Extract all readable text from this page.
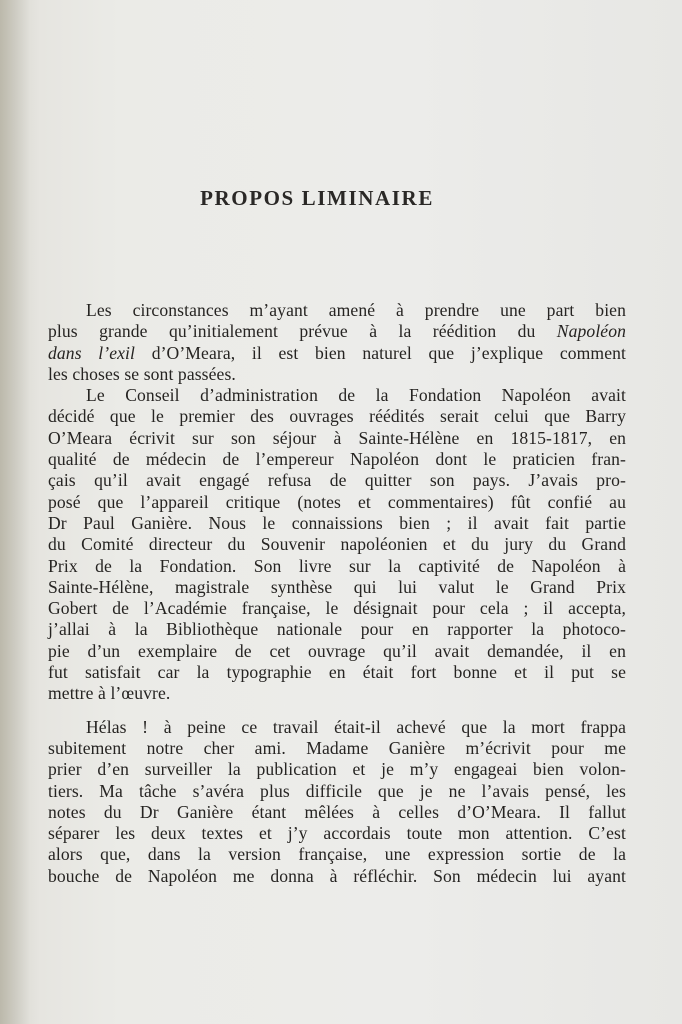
PROPOS LIMINAIRE
Les circonstances m’ayant amené à prendre une part bien
plus grande qu’initialement prévue à la réédition du Napoléon
dans l’exil d’O’Meara, il est bien naturel que j’explique comment
les choses se sont passées.
Le Conseil d’administration de la Fondation Napoléon avait
décidé que le premier des ouvrages réédités serait celui que Barry
O’Meara écrivit sur son séjour à Sainte-Hélène en 1815-1817, en
qualité de médecin de l’empereur Napoléon dont le praticien fran-
çais qu’il avait engagé refusa de quitter son pays. J’avais pro-
posé que l’appareil critique (notes et commentaires) fût confié au
Dr Paul Ganière. Nous le connaissions bien ; il avait fait partie
du Comité directeur du Souvenir napoléonien et du jury du Grand
Prix de la Fondation. Son livre sur la captivité de Napoléon à
Sainte-Hélène, magistrale synthèse qui lui valut le Grand Prix
Gobert de l’Académie française, le désignait pour cela ; il accepta,
j’allai à la Bibliothèque nationale pour en rapporter la photoco-
pie d’un exemplaire de cet ouvrage qu’il avait demandée, il en
fut satisfait car la typographie en était fort bonne et il put se
mettre à l’œuvre.
Hélas ! à peine ce travail était-il achevé que la mort frappa
subitement notre cher ami. Madame Ganière m’écrivit pour me
prier d’en surveiller la publication et je m’y engageai bien volon-
tiers. Ma tâche s’avéra plus difficile que je ne l’avais pensé, les
notes du Dr Ganière étant mêlées à celles d’O’Meara. Il fallut
séparer les deux textes et j’y accordais toute mon attention. C’est
alors que, dans la version française, une expression sortie de la
bouche de Napoléon me donna à réfléchir. Son médecin lui ayant
